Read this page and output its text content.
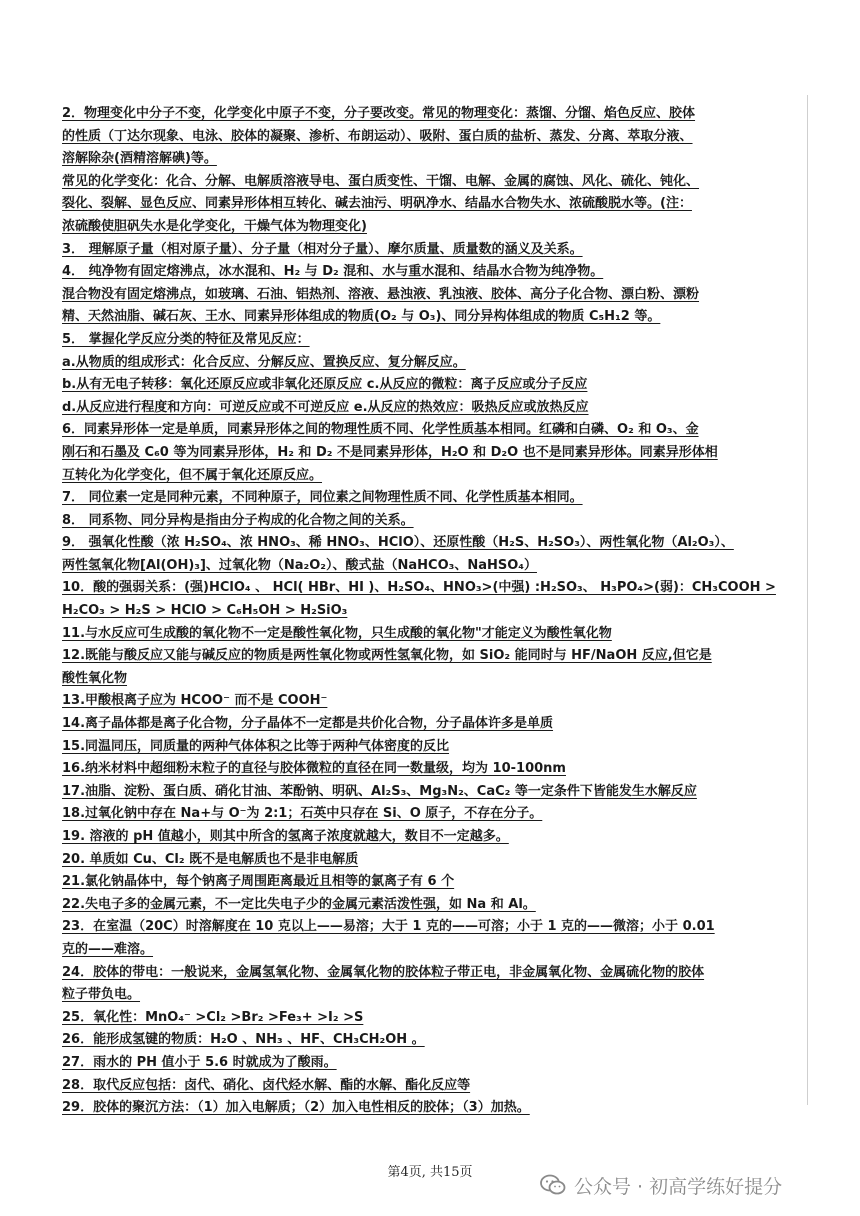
2．物理变化中分子不变，化学变化中原子不变，分子要改变。常见的物理变化：蒸馏、分馏、焰色反应、胶体
的性质（丁达尔现象、电泳、胶体的凝聚、渗析、布朗运动）、吸附、蛋白质的盐析、蒸发、分离、萃取分液、
溶解除杂(酒精溶解碘)等。
常见的化学变化：化合、分解、电解质溶液导电、蛋白质变性、干馏、电解、金属的腐蚀、风化、硫化、钝化、
裂化、裂解、显色反应、同素异形体相互转化、碱去油污、明矾净水、结晶水合物失水、浓硫酸脱水等。(注：
浓硫酸使胆矾失水是化学变化，干燥气体为物理变化)
3． 理解原子量（相对原子量）、分子量（相对分子量）、摩尔质量、质量数的涵义及关系。
4． 纯净物有固定熔沸点，冰水混和、H₂ 与 D₂ 混和、水与重水混和、结晶水合物为纯净物。
混合物没有固定熔沸点，如玻璃、石油、铝热剂、溶液、悬浊液、乳浊液、胶体、高分子化合物、漂白粉、漂粉
精、天然油脂、碱石灰、王水、同素异形体组成的物质(O₂ 与 O₃)、同分异构体组成的物质 C₅H₁2 等。
5． 掌握化学反应分类的特征及常见反应：
a.从物质的组成形式：化合反应、分解反应、置换反应、复分解反应。
b.从有无电子转移：氧化还原反应或非氧化还原反应 c.从反应的微粒：离子反应或分子反应
d.从反应进行程度和方向：可逆反应或不可逆反应 e.从反应的热效应：吸热反应或放热反应
6．同素异形体一定是单质，同素异形体之间的物理性质不同、化学性质基本相同。红磷和白磷、O₂ 和 O₃、金
刚石和石墨及 C₆0 等为同素异形体，H₂ 和 D₂ 不是同素异形体，H₂O 和 D₂O 也不是同素异形体。同素异形体相
互转化为化学变化，但不属于氧化还原反应。
7． 同位素一定是同种元素，不同种原子，同位素之间物理性质不同、化学性质基本相同。
8． 同系物、同分异构是指由分子构成的化合物之间的关系。
9． 强氧化性酸（浓 H₂SO₄、浓 HNO₃、稀 HNO₃、HClO）、还原性酸（H₂S、H₂SO₃）、两性氧化物（Al₂O₃）、
两性氢氧化物[Al(OH)₃]、过氧化物（Na₂O₂）、酸式盐（NaHCO₃、NaHSO₄）
10．酸的强弱关系：(强)HClO₄ 、 HCl( HBr、HI )、H₂SO₄、HNO₃>(中强) :H₂SO₃、 H₃PO₄>(弱)：CH₃COOH >
H₂CO₃ > H₂S > HClO > C₆H₅OH > H₂SiO₃
11.与水反应可生成酸的氧化物不一定是酸性氧化物，只生成酸的氧化物"才能定义为酸性氧化物
12.既能与酸反应又能与碱反应的物质是两性氧化物或两性氢氧化物，如 SiO₂ 能同时与 HF/NaOH 反应,但它是
酸性氧化物
13.甲酸根离子应为 HCOO⁻ 而不是 COOH⁻
14.离子晶体都是离子化合物，分子晶体不一定都是共价化合物，分子晶体许多是单质
15.同温同压，同质量的两种气体体积之比等于两种气体密度的反比
16.纳米材料中超细粉末粒子的直径与胶体微粒的直径在同一数量级，均为 10-100nm
17.油脂、淀粉、蛋白质、硝化甘油、苯酚钠、明矾、Al₂S₃、Mg₃N₂、CaC₂ 等一定条件下皆能发生水解反应
18.过氧化钠中存在 Na+与 O⁻为 2:1；石英中只存在 Si、O 原子，不存在分子。
19. 溶液的 pH 值越小，则其中所含的氢离子浓度就越大，数目不一定越多。
20. 单质如 Cu、Cl₂ 既不是电解质也不是非电解质
21.氯化钠晶体中，每个钠离子周围距离最近且相等的氯离子有 6 个
22.失电子多的金属元素，不一定比失电子少的金属元素活泼性强，如 Na 和 Al。
23．在室温（20C）时溶解度在 10 克以上——易溶；大于 1 克的——可溶；小于 1 克的——微溶；小于 0.01
克的——难溶。
24．胶体的带电：一般说来，金属氢氧化物、金属氧化物的胶体粒子带正电，非金属氧化物、金属硫化物的胶体
粒子带负电。
25．氧化性：MnO₄⁻ >Cl₂ >Br₂ >Fe₃+ >I₂ >S
26．能形成氢键的物质：H₂O 、NH₃ 、HF、CH₃CH₂OH 。
27．雨水的 PH 值小于 5.6 时就成为了酸雨。
28．取代反应包括：卤代、硝化、卤代烃水解、酯的水解、酯化反应等
29．胶体的聚沉方法：（1）加入电解质；（2）加入电性相反的胶体；（3）加热。
第4页, 共15页
公众号 · 初高学练好提分
